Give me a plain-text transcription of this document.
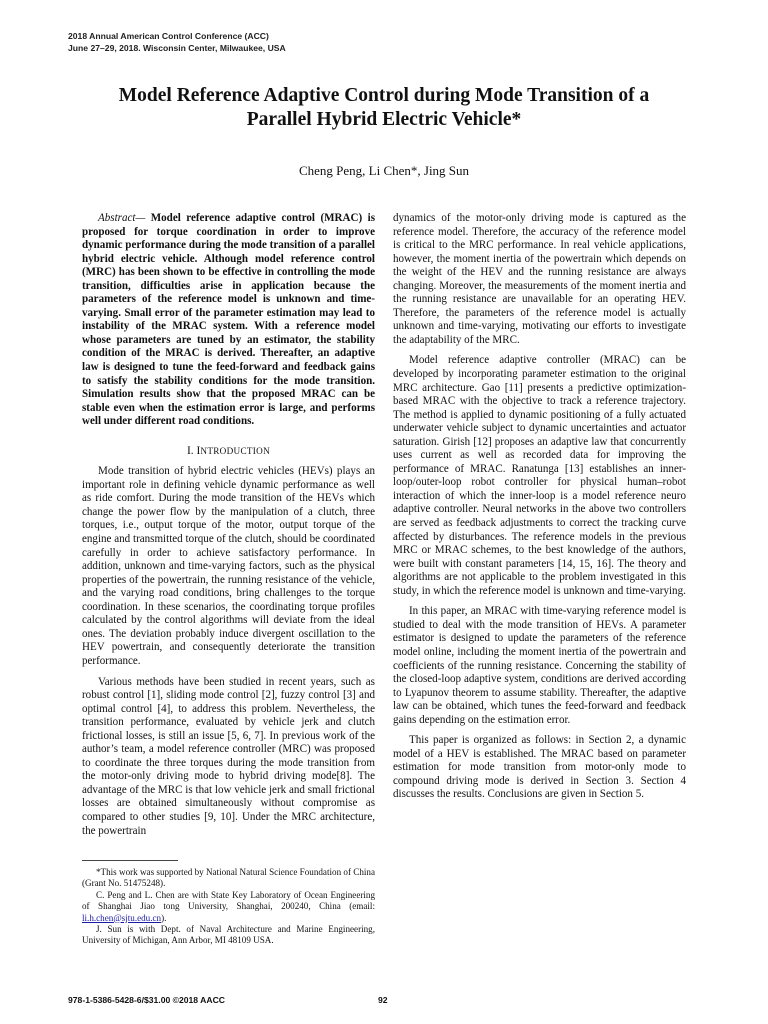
2018 Annual American Control Conference (ACC)
June 27–29, 2018. Wisconsin Center, Milwaukee, USA
Model Reference Adaptive Control during Mode Transition of a
Parallel Hybrid Electric Vehicle*
Cheng Peng, Li Chen*, Jing Sun

Abstract— Model reference adaptive control (MRAC) is proposed for torque coordination in order to improve dynamic performance during the mode transition of a parallel hybrid electric vehicle. Although model reference control (MRC) has been shown to be effective in controlling the mode transition, difficulties arise in application because the parameters of the reference model is unknown and time-varying. Small error of the parameter estimation may lead to instability of the MRAC system. With a reference model whose parameters are tuned by an estimator, the stability condition of the MRAC is derived. Thereafter, an adaptive law is designed to tune the feed-forward and feedback gains to satisfy the stability conditions for the mode transition. Simulation results show that the proposed MRAC can be stable even when the estimation error is large, and performs well under different road conditions.

I. INTRODUCTION

Mode transition of hybrid electric vehicles (HEVs) plays an important role in defining vehicle dynamic performance as well as ride comfort. During the mode transition of the HEVs which change the power flow by the manipulation of a clutch, three torques, i.e., output torque of the motor, output torque of the engine and transmitted torque of the clutch, should be coordinated carefully in order to achieve satisfactory performance. In addition, unknown and time-varying factors, such as the physical properties of the powertrain, the running resistance of the vehicle, and the varying road conditions, bring challenges to the torque coordination. In these scenarios, the coordinating torque profiles calculated by the control algorithms will deviate from the ideal ones. The deviation probably induce divergent oscillation to the HEV powertrain, and consequently deteriorate the transition performance.

Various methods have been studied in recent years, such as robust control [1], sliding mode control [2], fuzzy control [3] and optimal control [4], to address this problem. Nevertheless, the transition performance, evaluated by vehicle jerk and clutch frictional losses, is still an issue [5, 6, 7]. In previous work of the author’s team, a model reference controller (MRC) was proposed to coordinate the three torques during the mode transition from the motor-only driving mode to hybrid driving mode[8]. The advantage of the MRC is that low vehicle jerk and small frictional losses are obtained simultaneously without compromise as compared to other studies [9, 10]. Under the MRC architecture, the powertrain

dynamics of the motor-only driving mode is captured as the reference model. Therefore, the accuracy of the reference model is critical to the MRC performance. In real vehicle applications, however, the moment inertia of the powertrain which depends on the weight of the HEV and the running resistance are always changing. Moreover, the measurements of the moment inertia and the running resistance are unavailable for an operating HEV. Therefore, the parameters of the reference model is actually unknown and time-varying, motivating our efforts to investigate the adaptability of the MRC.

Model reference adaptive controller (MRAC) can be developed by incorporating parameter estimation to the original MRC architecture. Gao [11] presents a predictive optimization-based MRAC with the objective to track a reference trajectory. The method is applied to dynamic positioning of a fully actuated underwater vehicle subject to dynamic uncertainties and actuator saturation. Girish [12] proposes an adaptive law that concurrently uses current as well as recorded data for improving the performance of MRAC. Ranatunga [13] establishes an inner-loop/outer-loop robot controller for physical human–robot interaction of which the inner-loop is a model reference neuro adaptive controller. Neural networks in the above two controllers are served as feedback adjustments to correct the tracking curve affected by disturbances. The reference models in the previous MRC or MRAC schemes, to the best knowledge of the authors, were built with constant parameters [14, 15, 16]. The theory and algorithms are not applicable to the problem investigated in this study, in which the reference model is unknown and time-varying.

In this paper, an MRAC with time-varying reference model is studied to deal with the mode transition of HEVs. A parameter estimator is designed to update the parameters of the reference model online, including the moment inertia of the powertrain and coefficients of the running resistance. Concerning the stability of the closed-loop adaptive system, conditions are derived according to Lyapunov theorem to assume stability. Thereafter, the adaptive law can be obtained, which tunes the feed-forward and feedback gains depending on the estimation error.

This paper is organized as follows: in Section 2, a dynamic model of a HEV is established. The MRAC based on parameter estimation for mode transition from motor-only mode to compound driving mode is derived in Section 3. Section 4 discusses the results. Conclusions are given in Section 5.

*This work was supported by National Natural Science Foundation of China (Grant No. 51475248).

C. Peng and L. Chen are with State Key Laboratory of Ocean Engineering of Shanghai Jiao tong University, Shanghai, 200240, China (email: li.h.chen@sjtu.edu.cn).

J. Sun is with Dept. of Naval Architecture and Marine Engineering, University of Michigan, Ann Arbor, MI 48109 USA.

978-1-5386-5428-6/$31.00 ©2018 AACC	92
